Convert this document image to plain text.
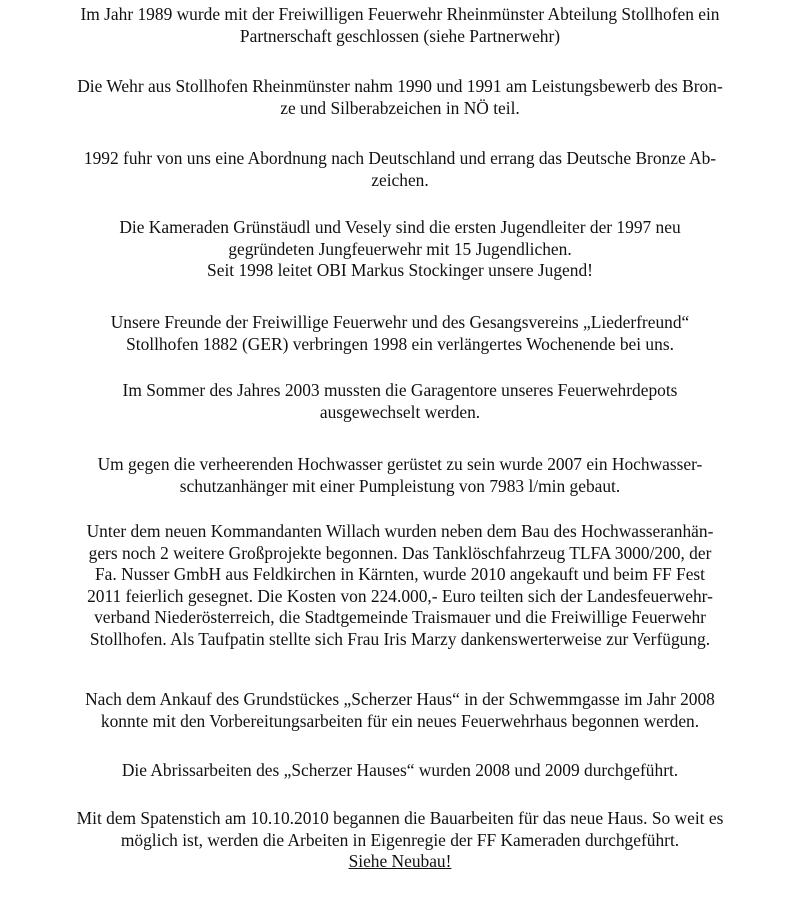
Im Jahr 1989 wurde mit der Freiwilligen Feuerwehr Rheinmünster Abteilung Stollhofen ein
Partnerschaft geschlossen (siehe Partnerwehr)
Die Wehr aus Stollhofen Rheinmünster nahm 1990 und 1991 am Leistungsbewerb des Bron-
ze und Silberabzeichen in NÖ teil.
1992 fuhr von uns eine Abordnung nach Deutschland und errang das Deutsche Bronze Ab-
zeichen.
Die Kameraden Grünstäudl und Vesely sind die ersten Jugendleiter der 1997 neu
gegründeten Jungfeuerwehr mit 15 Jugendlichen.
Seit 1998 leitet OBI Markus Stockinger unsere Jugend!
Unsere Freunde der Freiwillige Feuerwehr und des Gesangsvereins „Liederfreund“
Stollhofen 1882 (GER) verbringen 1998 ein verlängertes Wochenende bei uns.
Im Sommer des Jahres 2003 mussten die Garagentore unseres Feuerwehrdepots
ausgewechselt werden.
Um gegen die verheerenden Hochwasser gerüstet zu sein wurde 2007 ein Hochwasser-
schutzanhänger mit einer Pumpleistung von 7983 l/min gebaut.
Unter dem neuen Kommandanten Willach wurden neben dem Bau des Hochwasseranhän-
gers noch 2 weitere Großprojekte begonnen. Das Tanklöschfahrzeug TLFA 3000/200, der
Fa. Nusser GmbH aus Feldkirchen in Kärnten, wurde 2010 angekauft und beim FF Fest
2011 feierlich gesegnet. Die Kosten von 224.000,- Euro teilten sich der Landesfeuerwehr-
verband Niederösterreich, die Stadtgemeinde Traismauer und die Freiwillige Feuerwehr
Stollhofen. Als Taufpatin stellte sich Frau Iris Marzy dankenswerterweise zur Verfügung.
Nach dem Ankauf des Grundstückes „Scherzer Haus“ in der Schwemmgasse im Jahr 2008
konnte mit den Vorbereitungsarbeiten für ein neues Feuerwehrhaus begonnen werden.
Die Abrissarbeiten des „Scherzer Hauses“ wurden 2008 und 2009 durchgeführt.
Mit dem Spatenstich am 10.10.2010 begannen die Bauarbeiten für das neue Haus. So weit es
möglich ist, werden die Arbeiten in Eigenregie der FF Kameraden durchgeführt.
Siehe Neubau!
